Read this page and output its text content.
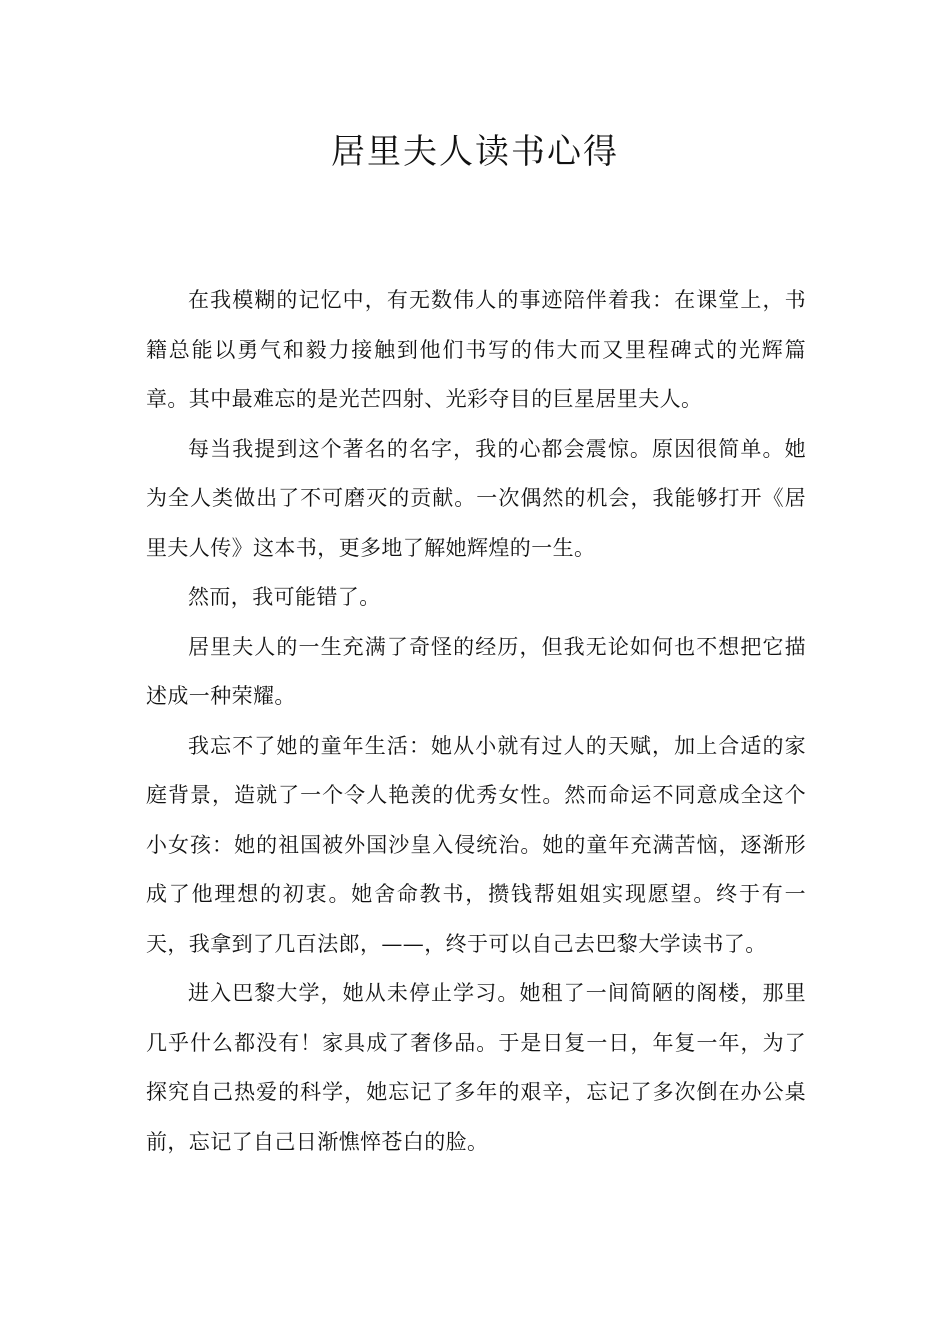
居里夫人读书心得

在我模糊的记忆中，有无数伟人的事迹陪伴着我：在课堂上，书籍总能以勇气和毅力接触到他们书写的伟大而又里程碑式的光辉篇章。其中最难忘的是光芒四射、光彩夺目的巨星居里夫人。

每当我提到这个著名的名字，我的心都会震惊。原因很简单。她为全人类做出了不可磨灭的贡献。一次偶然的机会，我能够打开《居里夫人传》这本书，更多地了解她辉煌的一生。

然而，我可能错了。

居里夫人的一生充满了奇怪的经历，但我无论如何也不想把它描述成一种荣耀。

我忘不了她的童年生活：她从小就有过人的天赋，加上合适的家庭背景，造就了一个令人艳羡的优秀女性。然而命运不同意成全这个小女孩：她的祖国被外国沙皇入侵统治。她的童年充满苦恼，逐渐形成了他理想的初衷。她舍命教书，攒钱帮姐姐实现愿望。终于有一天，我拿到了几百法郎，——，终于可以自己去巴黎大学读书了。

进入巴黎大学，她从未停止学习。她租了一间简陋的阁楼，那里几乎什么都没有！家具成了奢侈品。于是日复一日，年复一年，为了探究自己热爱的科学，她忘记了多年的艰辛，忘记了多次倒在办公桌前，忘记了自己日渐憔悴苍白的脸。
